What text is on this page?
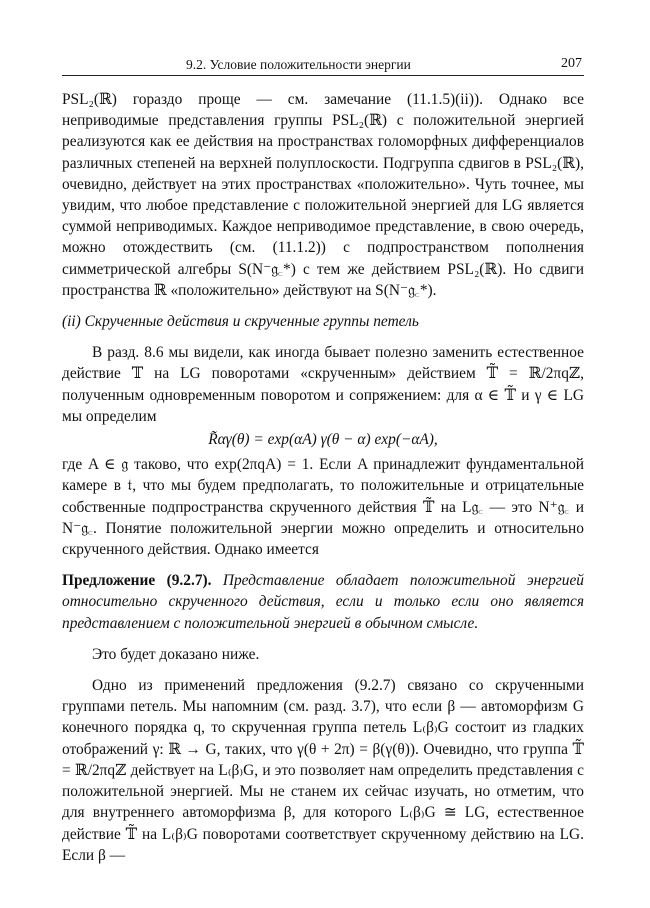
9.2. Условие положительности энергии	207

PSL₂(ℝ) гораздо проще — см. замечание (11.1.5)(ii)). Однако все неприводимые представления группы PSL₂(ℝ) с положительной энергией реализуются как ее действия на пространствах голоморфных дифференциалов различных степеней на верхней полуплоскости. Подгруппа сдвигов в PSL₂(ℝ), очевидно, действует на этих пространствах «положительно». Чуть точнее, мы увидим, что любое представление с положительной энергией для LG является суммой неприводимых. Каждое неприводимое представление, в свою очередь, можно отождествить (см. (11.1.2)) с подпространством пополнения симметрической алгебры S(N⁻𝔤꜀*) с тем же действием PSL₂(ℝ). Но сдвиги пространства ℝ «положительно» действуют на S(N⁻𝔤꜀*).

(ii) Скрученные действия и скрученные группы петель

В разд. 8.6 мы видели, как иногда бывает полезно заменить естественное действие 𝕋 на LG поворотами «скрученным» действием 𝕋̃ = ℝ/2πqℤ, полученным одновременным поворотом и сопряжением: для α ∈ 𝕋̃ и γ ∈ LG мы определим

R̃αγ(θ) = exp(αA) γ(θ − α) exp(−αA),

где A ∈ 𝔤 таково, что exp(2πqA) = 1. Если A принадлежит фундаментальной камере в 𝔱, что мы будем предполагать, то положительные и отрицательные собственные подпространства скрученного действия 𝕋̃ на L𝔤꜀ — это N⁺𝔤꜀ и N⁻𝔤꜀. Понятие положительной энергии можно определить и относительно скрученного действия. Однако имеется

Предложение (9.2.7). Представление обладает положительной энергией относительно скрученного действия, если и только если оно является представлением с положительной энергией в обычном смысле.

Это будет доказано ниже.

Одно из применений предложения (9.2.7) связано со скрученными группами петель. Мы напомним (см. разд. 3.7), что если β — автоморфизм G конечного порядка q, то скрученная группа петель L₍β₎G состоит из гладких отображений γ: ℝ → G, таких, что γ(θ + 2π) = β(γ(θ)). Очевидно, что группа 𝕋̃ = ℝ/2πqℤ действует на L₍β₎G, и это позволяет нам определить представления с положительной энергией. Мы не станем их сейчас изучать, но отметим, что для внутреннего автоморфизма β, для которого L₍β₎G ≅ LG, естественное действие 𝕋̃ на L₍β₎G поворотами соответствует скрученному действию на LG. Если β —
